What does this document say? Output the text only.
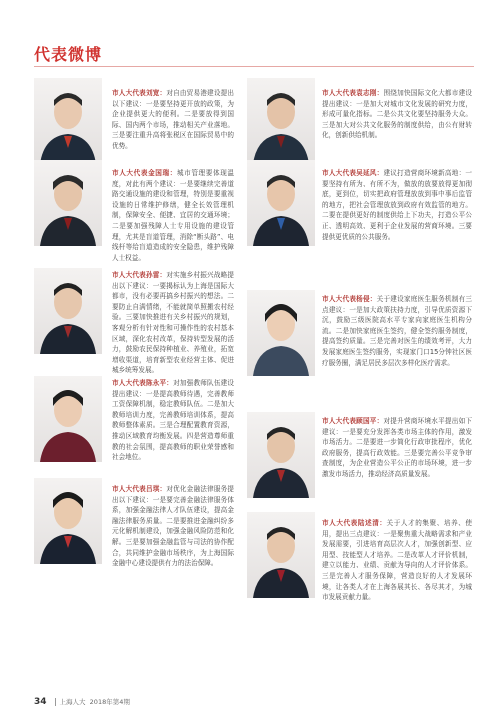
代表微博
市人大代表刘宽：对自由贸易港建设提出以下建议：一是要坚持更开放的政策，为企业提供更大的便利。二是要放得到国际、国内两个市场，推动相关产业落地。三是要注重升高将张税区在国际贸易中的优势。
市人大代表金国瑞：城市管理要体现温度，对此有两个建议：一是要继续完善道路交通设施的建设和管理，特别是要重视设施的日常维护修缮，健全长效管理机制，保障安全、便捷、宜居的交通环境；二是要加强残障人士专用设施的建设管理，尤其是盲道管理，消除“断头路”、电线杆等给盲道造成的安全隐患，维护残障人士权益。
市人大代表孙雷：对实施乡村振兴战略提出以下建议：一要揭标认为上海是国际大都市，没有必要再搞乡村振兴的想法。二要防止自满情绪，不能就简单照搬农村经验。三要加快推进有关乡村振兴的规划，客观分析有针对性和可操作性的农村基本区域，深化农村改革，保持转型发展的活力，鼓励农民保持种植业、养殖业，拓宽增收渠道，培育新型农业经营主体、促进城乡统筹发展。
市人大代表陈永平：对加强教师队伍建设提出建议：一是提高教师待遇，完善教师工资保障机制，稳定教师队伍。二是加大教师培训力度，完善教师培训体系，提高教师整体素质。三是合理配置教育资源，推动区域教育均衡发展。四是营造尊师重教的社会氛围，提高教师的职业荣誉感和社会地位。
市人大代表吕琪：对优化金融法律服务提出以下建议：一是要完善金融法律服务体系，加强金融法律人才队伍建设，提高金融法律服务质量。二是要推进金融纠纷多元化解机制建设，加强金融风险防范和化解。三是要加强金融监管与司法的协作配合，共同维护金融市场秩序，为上海国际金融中心建设提供有力的法治保障。
市人大代表袁志刚：围绕加快国际文化大都市建设提出建议：一是加大对城市文化发展的研究力度，形成可量化指标。二是公共文化要坚持服务大众。三是加大对公共文化服务的制度供给，由公有财转化，创新供给机制。
市人大代表吴延风：建议打造营商环境新高地：一要坚持有所为、有所不为，做放的放要放得更加彻底，更到位，切实把政府管理放放到事中事后监管的地方，把社会管理放放到政府有效监管的地方。二要在提供更好的制度供给上下功夫，打造公平公正、透明高效、更利于企业发展的营商环境。三要提供更优质的公共服务。
市人大代表杨侵：关于建设家庭医生服务机制有三点建议：一是加大政策扶持力度，引导优质资源下沉，鼓励三级医院高水平专家向家庭医生机构分流。二是加快家庭医生签约，健全签约服务制度，提高签约质量。三是完善对医生的绩效考评，大力发展家庭医生签约服务，实现家门口15分钟社区医疗服务圈，满足居民多层次多样化医疗需求。
市人大代表顾国平：对提升营商环境水平提出如下建议：一是要充分发挥各类市场主体的作用，激发市场活力。二是要进一步简化行政审批程序，优化政府服务，提高行政效能。三是要完善公平竞争审查制度，为企业营造公平公正的市场环境，进一步激发市场活力，推动经济高质量发展。
市人大代表陆述清：关于人才的集聚、培养、使用，提出三点建议：一是聚焦重大战略需求和产业发展需要，引进培育高层次人才，加强创新型、应用型、技能型人才培养。二是改革人才评价机制，建立以能力、业绩、贡献为导向的人才评价体系。三是完善人才服务保障，营造良好的人才发展环境，让各类人才在上海各展其长、各尽其才，为城市发展贡献力量。
34 上海人大 2018年第4期
